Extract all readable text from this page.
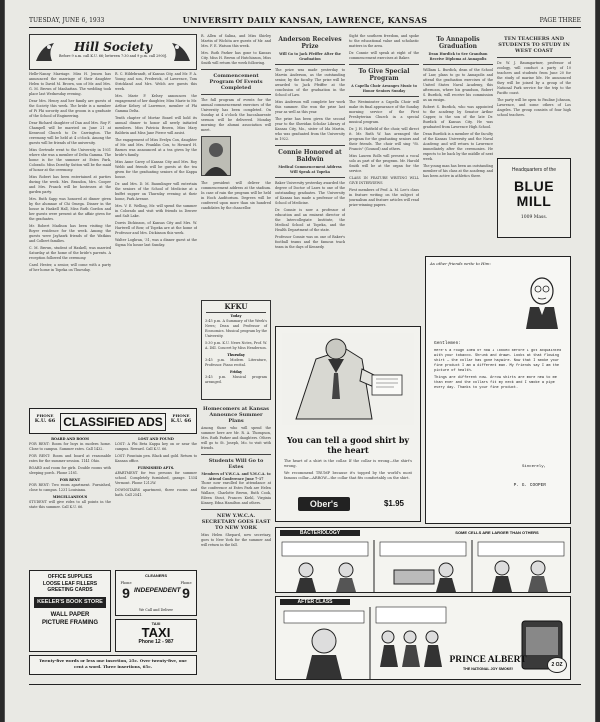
TUESDAY, JUNE 6, 1933	UNIVERSITY DAILY KANSAN, LAWRENCE, KANSAS	PAGE THREE

Helle-Nanny Marriage. Miss H. Jensen has announced the marriage of their daughter Helen to David M. Brown, son of Mr. and Mrs. G. M. Brown of Manhattan. The wedding took place last Wednesday evening.

Dear Mrs. Henry and her family are guests of the Society this week. The bride is a member of Pi Phi sorority and the groom is a graduate of the School of Engineering.

Dear Richard daughter of Dan and Mrs. Roy F. Champell will be married on June 21 at Kenwood Church to Dr. Carrington. The ceremony will be held at 4 o'clock. Among the guests will be friends of the university.

Miss Gertrude went to the University in 1931 where she was a member of Delta Gamma. The home is for the summer at Estes Park, Colorado. Miss Dorothy Sutton will be the maid of honor at the ceremony.

Miss Robert has been entertained at parties during the week. Mrs. Brandon, Mrs. Cooper and Mrs. Franck will be hostesses at the garden party.

Mrs. Ruth Sapp was honored at dinner given by the alumnae of Chi Omega. Dinner in the house in Haskell Hall, Miss Ruth Gordon and her guests were present at the affair given for the graduates.

Mr. Robert Madison has been visiting the Boyer residence for the week. Among the guests were Jayhawk friends of the Watkins and Colbert families.

C. M. Brown, student of Haskell, was married Saturday at the home of the bride's parents. A reception followed the ceremony.

Carol Hester, a senior, will come with a party of her home in Topeka on Thursday.

R. C. Hildebrandt, of Kansas City, and Mr. F. A. Young and son, Frederick, of Lawrence, Tom Strickland and Mrs. Welch are guests this week.

Mrs. Marie F. Kelsey announces the engagement of her daughter, Miss Marie to Mr. Arthur Kelsey of Lawrence, member of Phi Gamma Delta.

Tenth chapter of Mortar Board will hold its annual dinner to honor all newly initiated members. Miss Patricia Brown, Miss Mary Baldwin and Miss Jane Pierce will assist.

The engagement of Miss Evelyn Cox, daughter of Mr. and Mrs. Franklin Cox, to Howard H. Barnes was announced at a tea given by the bride's family.

Miss Anne Carey of Kansas City and Mrs. Roy Webb and friends will be guests at the tea given for the graduating seniors of the Kappa house.

Dr. and Mrs. D. M. Baumlinger will entertain the seniors of the School of Medicine at a buffet supper on Thursday evening at their home, Park Avenue.

Mrs. V. E. Welling, Mr. will spend the summer in Colorado and visit with friends in Denver and Salt Lake.

Dorris Dickinson, of Kansas City and Mrs. W. Hartwell of Bow, of Topeka are at the home of Professor and Mrs. Dickinson this week.

Walter Loghran, '31, was a dinner guest at the Sigma Nu house last Sunday.

Hill Society
Before 9 a.m. call K.U. 66; between 7:30 and 9 p.m. call 2900J.

R. Allen of Salina, and Miss Shirley Martin of Wichita are guests of Mr. and Mrs. F. E. Watson this week.

Mrs. Ruth Parker has gone to Kansas City. Miss H. Brown of Hutchinson, Miss Smith will return the week following.

Commencement Program Of Events Completed

The full program of events for the annual commencement exercises of the University has been completed. On Sunday at 4 o'clock the baccalaureate sermon will be delivered. Monday morning the alumni association will meet.

The president will deliver the commencement address at the stadium. In case of rain the program will be held in Hoch Auditorium. Degrees will be conferred upon more than six hundred candidates by the chancellor.

KFKU
Today

3:45 p.m. A Summary of the Week's News; Dean and Professor of Economics. Musical program by the University.

5:30 p.m. K.U. News Notes, Prof. W. A. Dill. Concert by Miss Henderson.

Thursday

3:45 p.m. Modern Literature, Professor. Piano recital.

Friday

3:45 p.m. Musical program arranged.

Homecomers at Kansas Announce Summer Plans

Among those who will spend the summer here are Mr. R. A. Thompson, Mrs. Ruth Parker and daughters. Others will go to St. Joseph, Mo. to visit with friends.

Students Will Go to Estes
Members of Y.W.C.A. and Y.M.C.A. to Attend Conference June 7-17

Those now enrolled for attendance at the conference at Estes Park are Helen Wallace, Charlotte Brown, Ruth Cook, Eileen Stout, Frances Kiehl, Virginia Kinney, Edna Hamilton and others.

NEW Y.W.C.A. SECRETARY GOES EAST TO NEW YORK

Miss Helen Shepard, new secretary, goes to New York for the summer and will return in the fall.

PHONE
K.U. 66 CLASSIFIED ADS	PHONE
K.U. 66
BOARD AND ROOM

FOR RENT: Room for boys in modern home. Close to campus. Summer rates. Call 1432.

FOR RENT: Room and board at reasonable rates for the summer session. 1141 Ohio.

BOARD and room for girls. Double rooms with sleeping porch. Phone 2181.

FOR RENT

FOR RENT: Two room apartment. Furnished, close to campus. 1231 Louisiana.

MISCELLANEOUS

STUDENT will give rides to all points in the state this summer. Call K.U. 66.

LOST AND FOUND

LOST: A Phi Beta Kappa key on or near the campus. Reward. Call K.U. 66.

LOST: Fountain pen. Black and gold. Return to Kansan office.

FURNISHED APTS.

APARTMENT for two persons for summer school. Completely furnished, garage. 1334 Vermont. Phone 1212W.

DOWNSTAIRS apartment, three rooms and bath. Call 2541.

OFFICE SUPPLIES
LOOSE LEAF FILLERS
GREETING CARDS
KEELER'S BOOK STORE
WALL PAPER
PICTURE FRAMING
CLEANERS
Phone
9 INDEPENDENT
Phone
9
We Call and Deliver
TAXI
TAXI
Phone 12 - 987
Twenty-five words or less one insertion, 25c. Over twenty-five, one cent a word. Three insertions, 65c.
Anderson Receives Prize
Will Go to Jack Pfeiffer After the Graduation

The prize was made yesterday to Marvin Anderson, as the outstanding senior, by the faculty. The prize will be awarded to Jack Pfeiffer at the conclusion of the graduation in the School of Law.

Miss Anderson will complete her work this summer. She won the prize last year as well as this year.

The prize has been given the second year to the Sheridan Scholar Library of Kansas City, Mo., sister of Ida Martin, who was graduated from the University in 1922.

Connie Honored at Baldwin
Medical Commencement Address Will Speak at Topeka

Baker University yesterday awarded the degree of Doctor of Laws to one of the outstanding graduates. The University of Kansas has made a professor of the School of Medicine.

Dr. Connie is now a professor of education and an eminent director of the Intercollegiate Institute, the Medical School at Topeka, and the Health Department of the state.

Professor Connie was on one of Baker's football teams and the famous track team in the days of Kennedy.

Sight the southern freedom, and spoke to the educational value and scholastic matters in the area.

Dr. Connie will speak at eight of the commencement exercises at Baker.

To Give Special Program
A Capella Choir Arranges Music to Honor Seniors Sunday

The Westminster a Capella Choir will make its final appearance of the Sunday morning service of the First Presbyterian Church in a special musical program.

Dr. J. H. Hatfield of the choir, will direct it. Mr. Ruth W. has arranged the program for the graduating seniors and their friends. The choir will sing "St. Francis" (Gounod) and others.

Miss Lauren Rolls will present a vocal solo as part of the program. Mr. Harold Smith will be at the organ for the service.

CLASS IN FEATURE WRITING WILL GIVE INTERVIEWS

First members of Prof. A. M. Lee's class in feature writing on the subject of journalism and feature articles will read prize-winning papers.

To Annapolis Graduation
Dean Hurdick to See Grandson Receive Diploma at Annapolis

William L. Burdick, dean of the School of Law, plans to go to Annapolis and attend the graduation exercises of the United States Naval Academy, this afternoon, where his grandson, Robert S. Burdick, will receive his commission as an ensign.

Robert S. Burdick, who was appointed to the academy by Senator Arthur Capper, is the son of the late Dr. Burdick of Kansas City. He was graduated from Lawrence High School.

Dean Burdick is a member of the faculty of the Kansas University and the Naval Academy, and will return to Lawrence immediately after the ceremonies. He expects to be back by the middle of next week.

The young man has been an outstanding member of his class at the academy, and has been active in athletics there.

TEN TEACHERS AND STUDENTS TO STUDY IN WEST COAST

Dr. W. J. Baumgartner, professor of zoology, will conduct a party of 10 teachers and students from June 20 for the study of marine life. He announced they will be joined by a group of the National Park service for the trip to the Pacific coast.

The party will be open to Pauline Johnson, Lawrence, and some others of Los Angeles. The group consists of four high school teachers.

Headquarters of the
BLUE MILL
1009 Mass.
You can tell a good shirt by the heart

The heart of a shirt is the collar. If the collar is wrong—the shirt's wrong.

We recommend TRUMP because it's topped by the world's most famous collar—ARROW—the collar that fits comfortably on the shirt.

Ober's	$1.95
As other friends write to Him:
Gentlemen:

Here's a rough idea of how I looked before I got acquainted with your tobacco. Shrunk and drawn. Looks at that flowing shirt — the collar has gone haywire. Now that I smoke your fine product I am a different man. My friends say I am the picture of health.

Things are different now. Arrow shirts are more new to me than ever and the collars fit my neck and I smoke a pipe every day. Thanks to your fine product.

Sincerely,
P. G. COOPER
BACTERIOLOGY	SOME CELLS ARE LARGER THAN OTHERS
AFTER CLASS
PRINCE ALBERT
THE NATIONAL JOY SMOKE!
2 OZ
